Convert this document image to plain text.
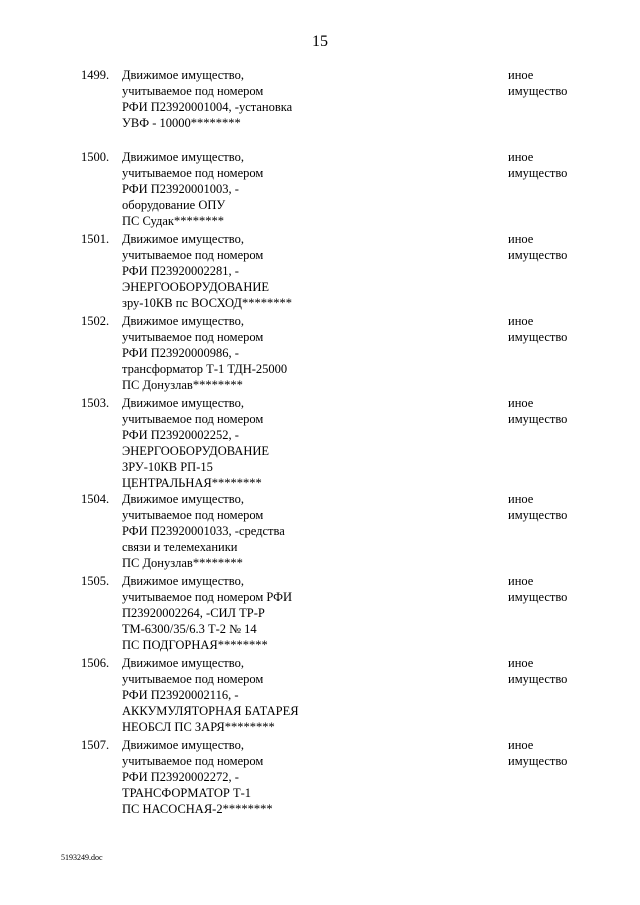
15
1499.	Движимое имущество,
учитываемое под номером
РФИ П23920001004, -установка
УВФ - 10000********
иное
имущество
1500.	Движимое имущество,
учитываемое под номером
РФИ П23920001003, -
оборудование ОПУ
ПС Судак********
иное
имущество
1501.	Движимое имущество,
учитываемое под номером
РФИ П23920002281, -
ЭНЕРГООБОРУДОВАНИЕ
зру-10КВ пс ВОСХОД********
иное
имущество
1502.	Движимое имущество,
учитываемое под номером
РФИ П23920000986, -
трансформатор Т-1 ТДН-25000
ПС Донузлав********
иное
имущество
1503.	Движимое имущество,
учитываемое под номером
РФИ П23920002252, -
ЭНЕРГООБОРУДОВАНИЕ
ЗРУ-10КВ РП-15
ЦЕНТРАЛЬНАЯ********
иное
имущество
1504.	Движимое имущество,
учитываемое под номером
РФИ П23920001033, -средства
связи и телемеханики
ПС Донузлав********
иное
имущество
1505.	Движимое имущество,
учитываемое под номером РФИ
П23920002264, -СИЛ ТР-Р
ТМ-6300/35/6.3 Т-2 № 14
ПС ПОДГОРНАЯ********
иное
имущество
1506.	Движимое имущество,
учитываемое под номером
РФИ П23920002116, -
АККУМУЛЯТОРНАЯ БАТАРЕЯ
НЕОБСЛ ПС ЗАРЯ********
иное
имущество
1507.	Движимое имущество,
учитываемое под номером
РФИ П23920002272, -
ТРАНСФОРМАТОР Т-1
ПС НАСОСНАЯ-2********
иное
имущество
5193249.doc
